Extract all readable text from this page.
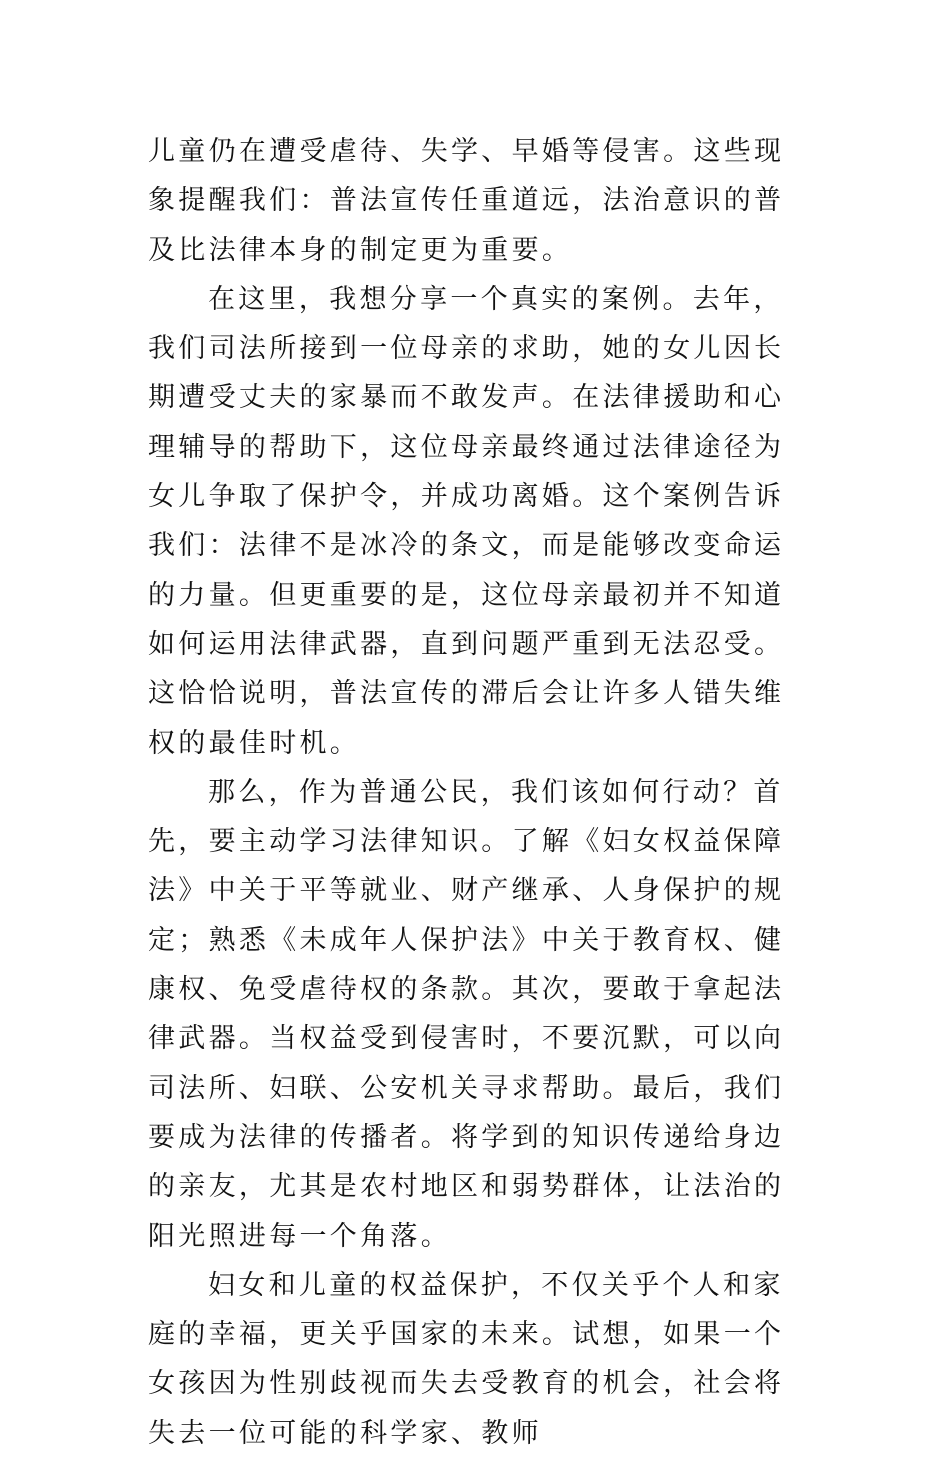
儿童仍在遭受虐待、失学、早婚等侵害。这些现象提醒我们：普法宣传任重道远，法治意识的普及比法律本身的制定更为重要。

在这里，我想分享一个真实的案例。去年，我们司法所接到一位母亲的求助，她的女儿因长期遭受丈夫的家暴而不敢发声。在法律援助和心理辅导的帮助下，这位母亲最终通过法律途径为女儿争取了保护令，并成功离婚。这个案例告诉我们：法律不是冰冷的条文，而是能够改变命运的力量。但更重要的是，这位母亲最初并不知道如何运用法律武器，直到问题严重到无法忍受。这恰恰说明，普法宣传的滞后会让许多人错失维权的最佳时机。

那么，作为普通公民，我们该如何行动？首先，要主动学习法律知识。了解《妇女权益保障法》中关于平等就业、财产继承、人身保护的规定；熟悉《未成年人保护法》中关于教育权、健康权、免受虐待权的条款。其次，要敢于拿起法律武器。当权益受到侵害时，不要沉默，可以向司法所、妇联、公安机关寻求帮助。最后，我们要成为法律的传播者。将学到的知识传递给身边的亲友，尤其是农村地区和弱势群体，让法治的阳光照进每一个角落。

妇女和儿童的权益保护，不仅关乎个人和家庭的幸福，更关乎国家的未来。试想，如果一个女孩因为性别歧视而失去受教育的机会，社会将失去一位可能的科学家、教师
